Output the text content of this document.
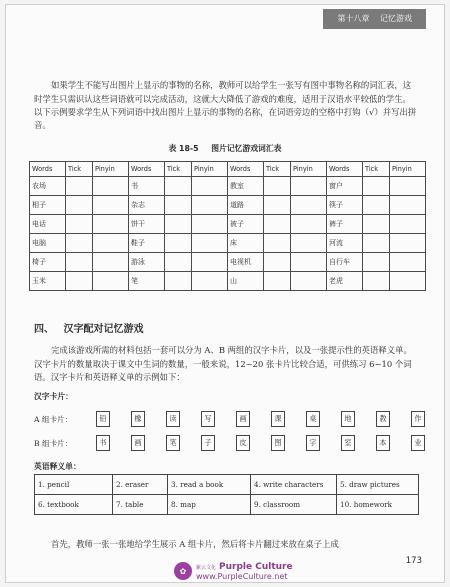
第十八章 记忆游戏

如果学生不能写出图片上显示的事物的名称，教师可以给学生一张写有图中事物名称的词汇表，这时学生只需识认这些词语就可以完成活动，这就大大降低了游戏的难度，适用于汉语水平较低的学生。以下示例要求学生从下列词语中找出图片上显示的事物的名称，在词语旁边的空格中打钩（√）并写出拼音。

表 18-5 图片记忆游戏词汇表
Words	Tick	Pinyin	Words	Tick	Pinyin	Words	Tick	Pinyin	Words	Tick	Pinyin
农场			书			教室			窗户		
相子			杂志			道路			筷子		
电话			饼干			被子			裤子		
电脑			鞋子			床			河流		
椅子			游泳			电视机			自行车		
玉米			笔			山			老虎		
四、 汉字配对记忆游戏

完成该游戏所需的材料包括一套可以分为 A、B 两组的汉字卡片，以及一张提示性的英语释义单。汉字卡片的数量取决于课文中生词的数量，一般来说，12~20 张卡片比较合适，可供练习 6~10 个词语。汉字卡片和英语释义单的示例如下：

汉字卡片：
A 组卡片：	铅	橡	读	写	画	课	桌	地	教	作
B 组卡片：	书	画	笔	子	皮	图	字	室	本	业
英语释义单：
1. pencil	2. eraser	3. read a book	4. write characters	5. draw pictures
6. textbook	7. table	8. map	9. classroom	10. homework

首先，教师一张一张地给学生展示 A 组卡片，然后将卡片翻过来放在桌子上成

✿	紫云文化 Purple Culture
www.PurpleCulture.net
173
